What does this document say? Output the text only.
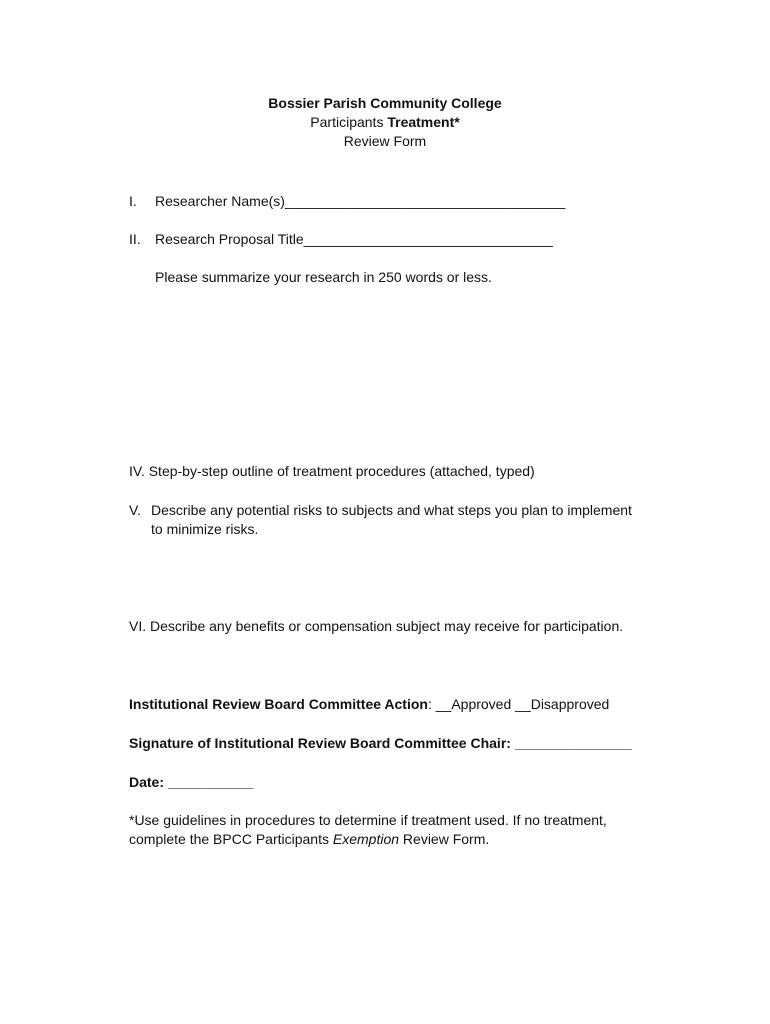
Bossier Parish Community College
Participants Treatment*
Review Form
I. Researcher Name(s)____________________________________
II. Research Proposal Title________________________________
Please summarize your research in 250 words or less.
IV. Step-by-step outline of treatment procedures (attached, typed)
V. Describe any potential risks to subjects and what steps you plan to implement
to minimize risks.
VI. Describe any benefits or compensation subject may receive for participation.
Institutional Review Board Committee Action: __Approved __Disapproved
Signature of Institutional Review Board Committee Chair: _______________
Date: ___________
*Use guidelines in procedures to determine if treatment used. If no treatment,
complete the BPCC Participants Exemption Review Form.
